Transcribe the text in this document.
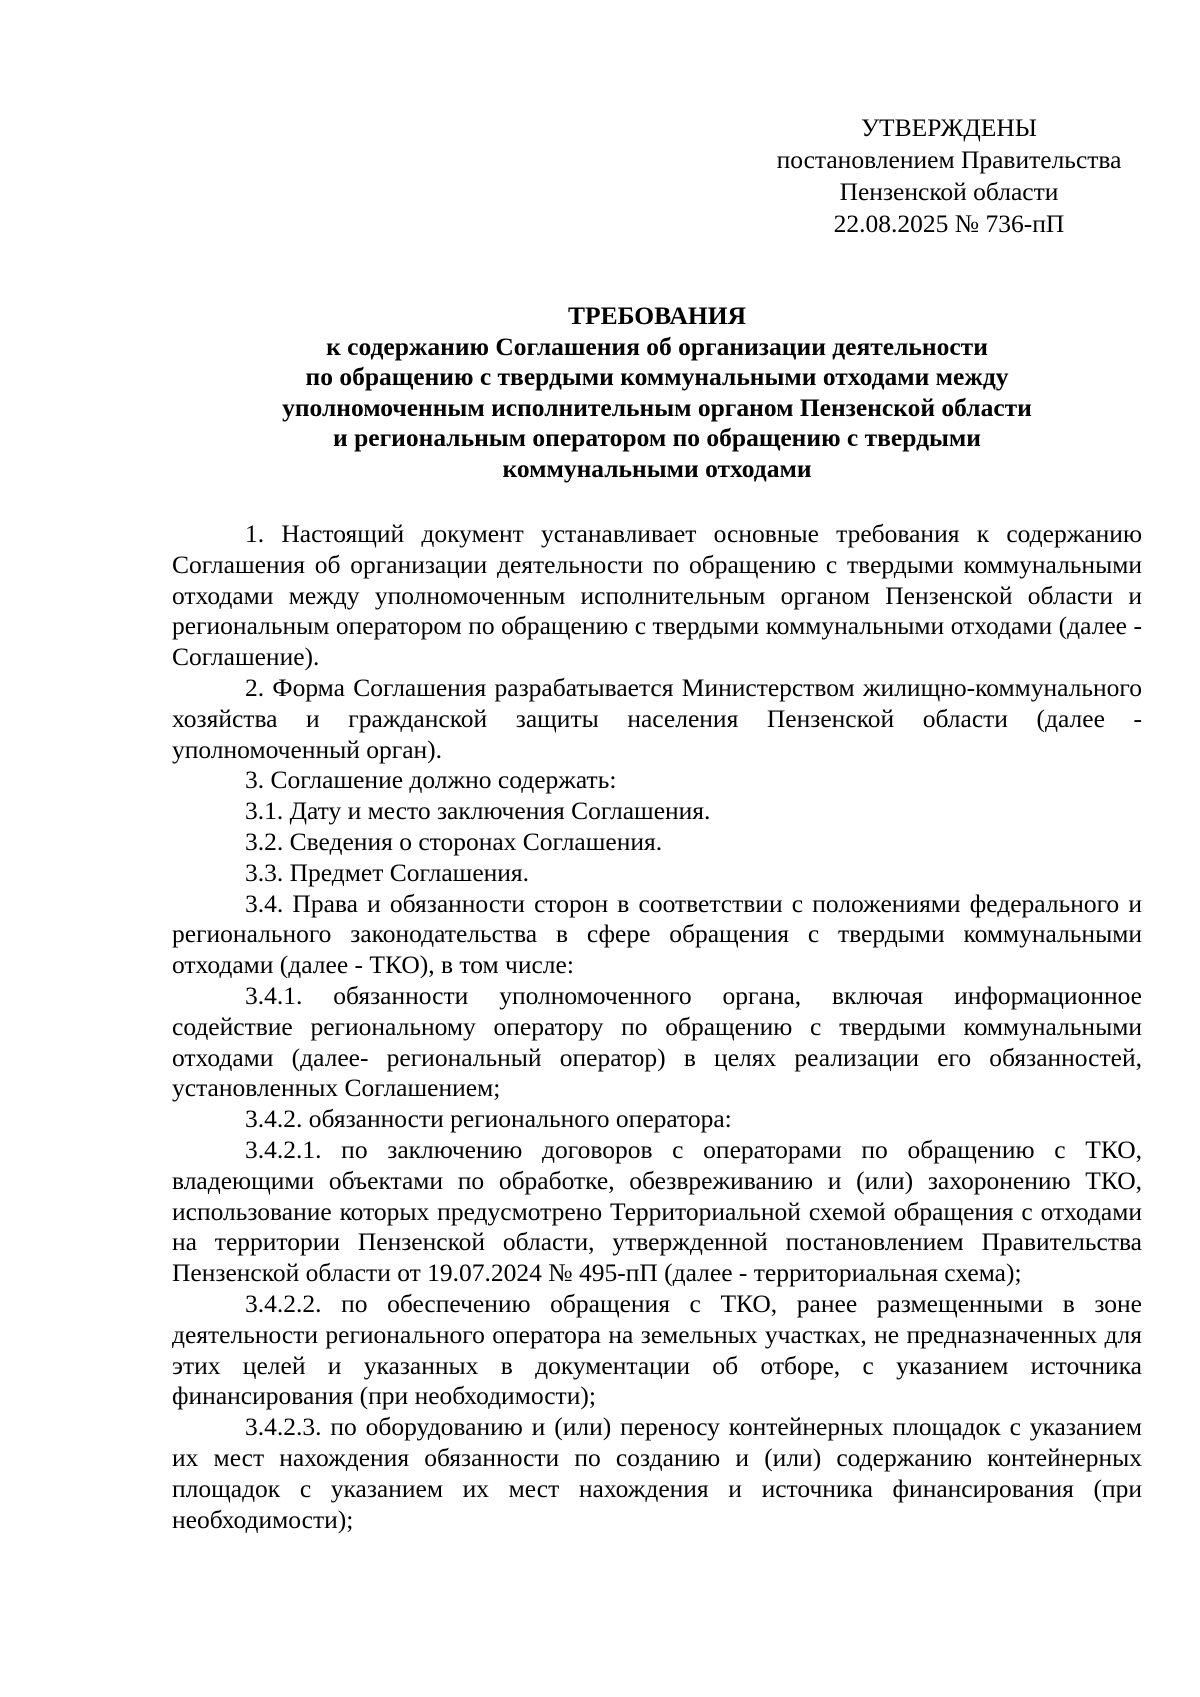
УТВЕРЖДЕНЫ
постановлением Правительства
Пензенской области
22.08.2025 № 736-пП
ТРЕБОВАНИЯ
к содержанию Соглашения об организации деятельности
по обращению с твердыми коммунальными отходами между
уполномоченным исполнительным органом Пензенской области
и региональным оператором по обращению с твердыми
коммунальными отходами

1. Настоящий документ устанавливает основные требования к содержанию Соглашения об организации деятельности по обращению с твердыми коммунальными отходами между уполномоченным исполнительным органом Пензенской области и региональным оператором по обращению с твердыми коммунальными отходами (далее - Соглашение).

2. Форма Соглашения разрабатывается Министерством жилищно-коммунального хозяйства и гражданской защиты населения Пензенской области (далее - уполномоченный орган).

3. Соглашение должно содержать:

3.1. Дату и место заключения Соглашения.

3.2. Сведения о сторонах Соглашения.

3.3. Предмет Соглашения.

3.4. Права и обязанности сторон в соответствии с положениями федерального и регионального законодательства в сфере обращения с твердыми коммунальными отходами (далее - ТКО), в том числе:

3.4.1. обязанности уполномоченного органа, включая информационное содействие региональному оператору по обращению с твердыми коммунальными отходами (далее- региональный оператор) в целях реализации его обязанностей, установленных Соглашением;

3.4.2. обязанности регионального оператора:

3.4.2.1. по заключению договоров с операторами по обращению с ТКО, владеющими объектами по обработке, обезвреживанию и (или) захоронению ТКО, использование которых предусмотрено Территориальной схемой обращения с отходами на территории Пензенской области, утвержденной постановлением Правительства Пензенской области от 19.07.2024 № 495-пП (далее - территориальная схема);

3.4.2.2. по обеспечению обращения с ТКО, ранее размещенными в зоне деятельности регионального оператора на земельных участках, не предназначенных для этих целей и указанных в документации об отборе, с указанием источника финансирования (при необходимости);

3.4.2.3. по оборудованию и (или) переносу контейнерных площадок с указанием их мест нахождения обязанности по созданию и (или) содержанию контейнерных площадок с указанием их мест нахождения и источника финансирования (при необходимости);
